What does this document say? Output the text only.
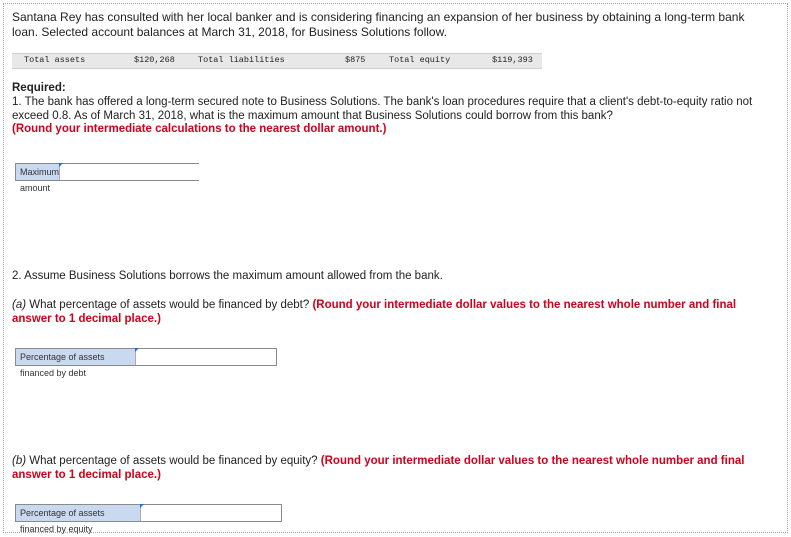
Santana Rey has consulted with her local banker and is considering financing an expansion of her business by obtaining a long-term bank loan. Selected account balances at March 31, 2018, for Business Solutions follow.
Total assets	$120,268	Total liabilities	$875	Total equity	$119,393
Required:
1. The bank has offered a long-term secured note to Business Solutions. The bank's loan procedures require that a client's debt-to-equity ratio not exceed 0.8. As of March 31, 2018, what is the maximum amount that Business Solutions could borrow from this bank?
(Round your intermediate calculations to the nearest dollar amount.)
Maximum amount
2. Assume Business Solutions borrows the maximum amount allowed from the bank.
(a) What percentage of assets would be financed by debt? (Round your intermediate dollar values to the nearest whole number and final answer to 1 decimal place.)
Percentage of assets financed by debt
(b) What percentage of assets would be financed by equity? (Round your intermediate dollar values to the nearest whole number and final answer to 1 decimal place.)
Percentage of assets financed by equity
